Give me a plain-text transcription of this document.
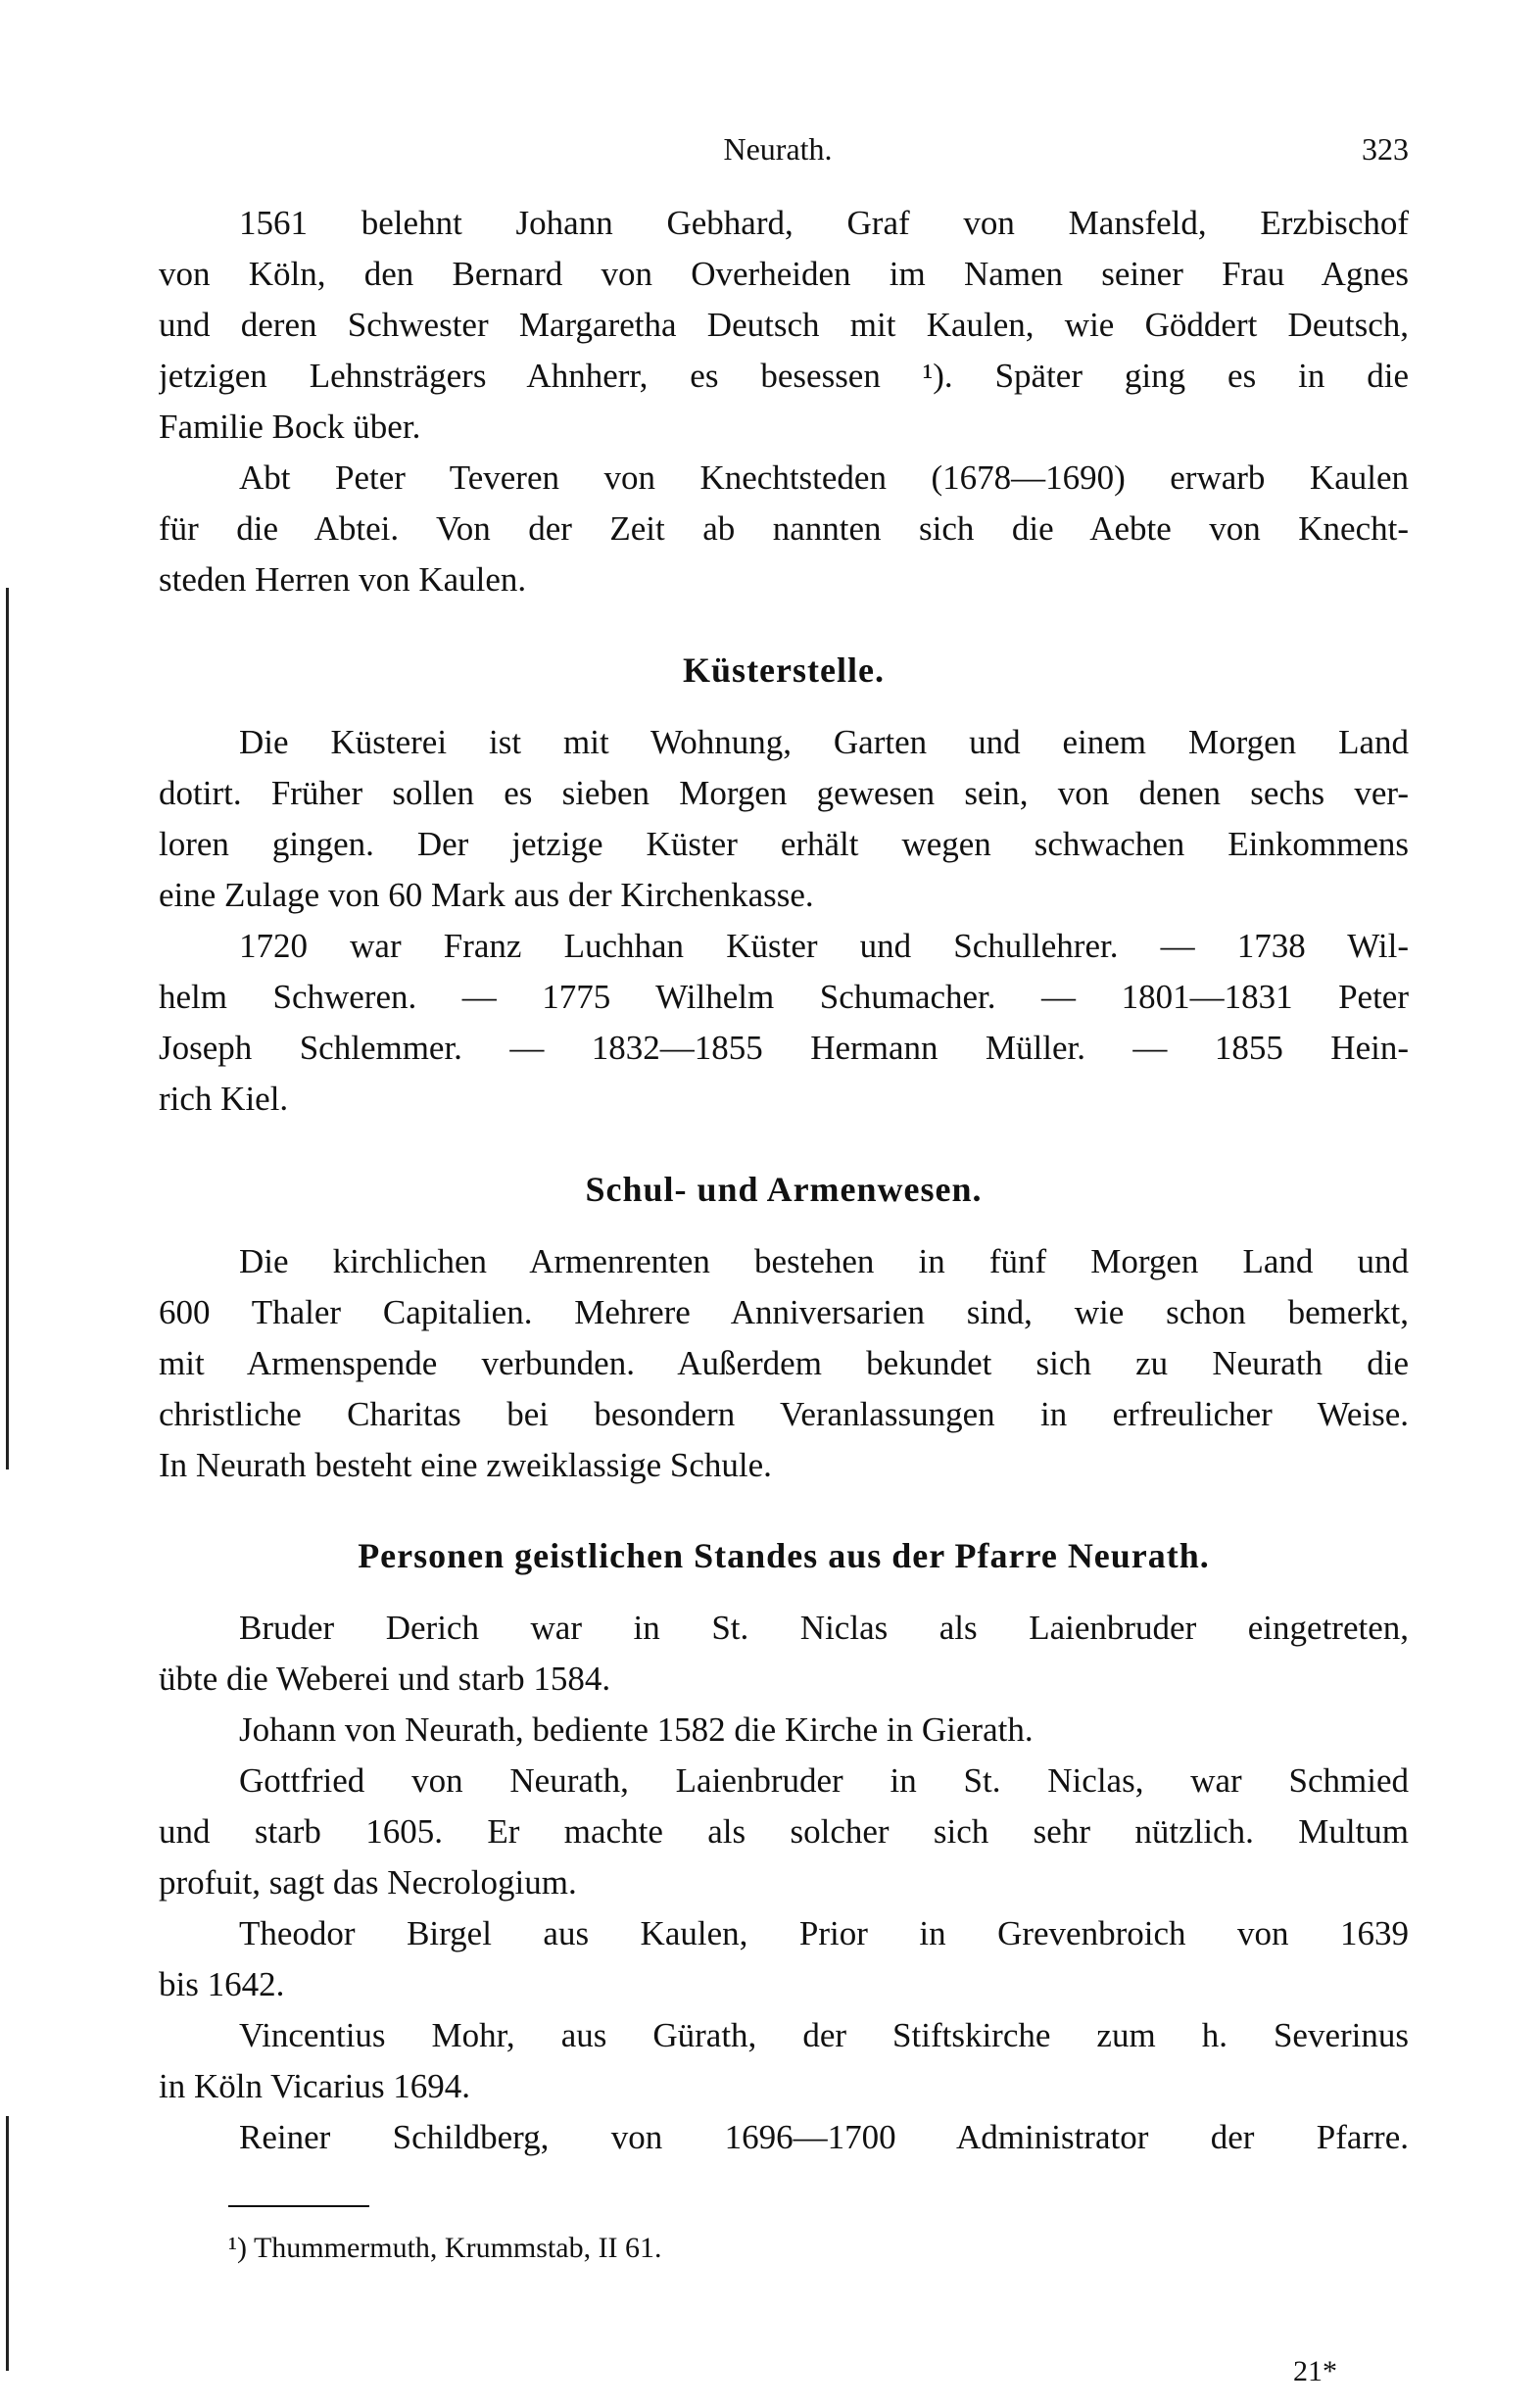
Neurath.	323
1561 belehnt Johann Gebhard, Graf von Mansfeld, Erzbischof
von Köln, den Bernard von Overheiden im Namen seiner Frau Agnes
und deren Schwester Margaretha Deutsch mit Kaulen, wie Göddert Deutsch,
jetzigen Lehnsträgers Ahnherr, es besessen ¹). Später ging es in die
Familie Bock über.
Abt Peter Teveren von Knechtsteden (1678—1690) erwarb Kaulen
für die Abtei. Von der Zeit ab nannten sich die Aebte von Knecht-
steden Herren von Kaulen.
Küsterstelle.
Die Küsterei ist mit Wohnung, Garten und einem Morgen Land
dotirt. Früher sollen es sieben Morgen gewesen sein, von denen sechs ver-
loren gingen. Der jetzige Küster erhält wegen schwachen Einkommens
eine Zulage von 60 Mark aus der Kirchenkasse.
1720 war Franz Luchhan Küster und Schullehrer. — 1738 Wil-
helm Schweren. — 1775 Wilhelm Schumacher. — 1801—1831 Peter
Joseph Schlemmer. — 1832—1855 Hermann Müller. — 1855 Hein-
rich Kiel.
Schul- und Armenwesen.
Die kirchlichen Armenrenten bestehen in fünf Morgen Land und
600 Thaler Capitalien. Mehrere Anniversarien sind, wie schon bemerkt,
mit Armenspende verbunden. Außerdem bekundet sich zu Neurath die
christliche Charitas bei besondern Veranlassungen in erfreulicher Weise.
In Neurath besteht eine zweiklassige Schule.
Personen geistlichen Standes aus der Pfarre Neurath.
Bruder Derich war in St. Niclas als Laienbruder eingetreten,
übte die Weberei und starb 1584.
Johann von Neurath, bediente 1582 die Kirche in Gierath.
Gottfried von Neurath, Laienbruder in St. Niclas, war Schmied
und starb 1605. Er machte als solcher sich sehr nützlich. Multum
profuit, sagt das Necrologium.
Theodor Birgel aus Kaulen, Prior in Grevenbroich von 1639
bis 1642.
Vincentius Mohr, aus Gürath, der Stiftskirche zum h. Severinus
in Köln Vicarius 1694.
Reiner Schildberg, von 1696—1700 Administrator der Pfarre.
¹) Thummermuth, Krummstab, II 61.
21*
